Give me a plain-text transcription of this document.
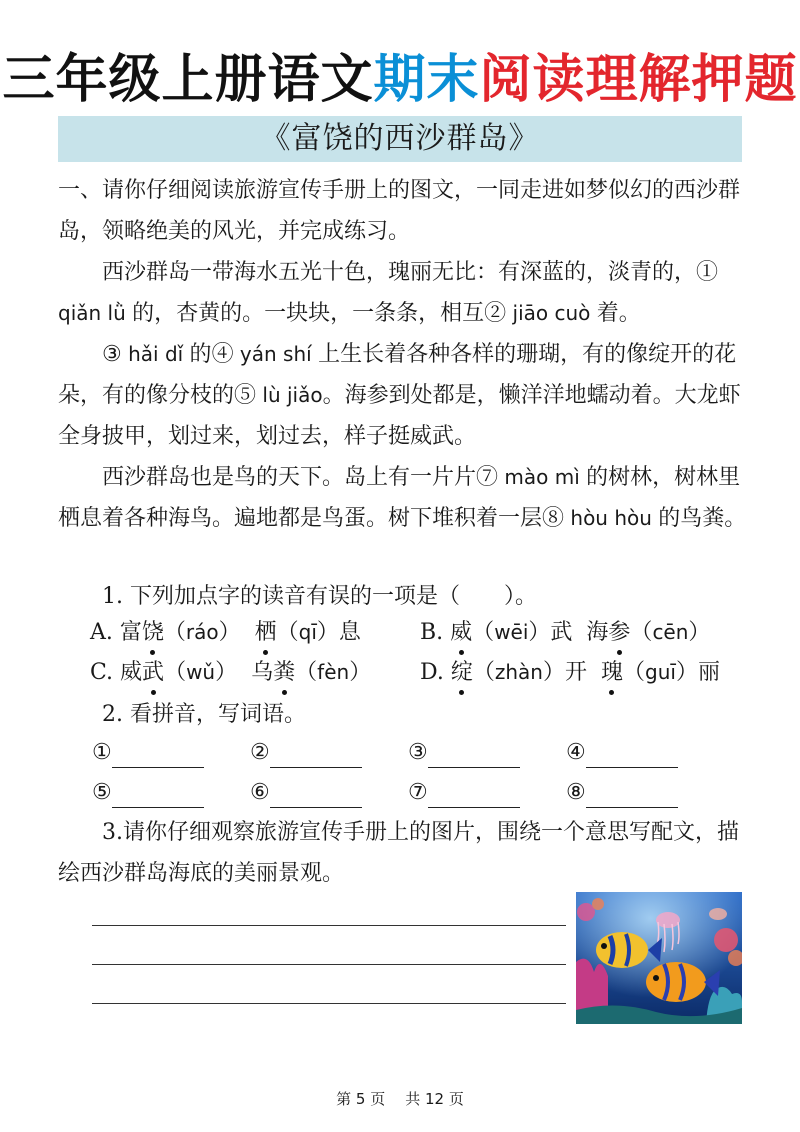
三年级上册语文期末阅读理解押题
《富饶的西沙群岛》

一、请你仔细阅读旅游宣传手册上的图文，一同走进如梦似幻的西沙群岛，领略绝美的风光，并完成练习。

西沙群岛一带海水五光十色，瑰丽无比：有深蓝的，淡青的，① qiǎn lǜ 的，杏黄的。一块块，一条条，相互② jiāo cuò 着。

③ hǎi dǐ 的④ yán shí 上生长着各种各样的珊瑚，有的像绽开的花朵，有的像分枝的⑤ lù jiǎo。海参到处都是，懒洋洋地蠕动着。大龙虾全身披甲，划过来，划过去，样子挺威武。

西沙群岛也是鸟的天下。岛上有一片片⑦ mào mì 的树林，树林里栖息着各种海鸟。遍地都是鸟蛋。树下堆积着一层⑧ hòu hòu 的鸟粪。

1. 下列加点字的读音有误的一项是（　　）。

A. 富饶（ráo）  栖（qī）息	B. 威（wēi）武  海参（cēn）
C. 威武（wǔ）  乌粪（fèn） D. 绽（zhàn）开  瑰（guī）丽

2. 看拼音，写词语。

①	②	③	④
⑤	⑥	⑦	⑧

3.请你仔细观察旅游宣传手册上的图片，围绕一个意思写配文，描绘西沙群岛海底的美丽景观。

第 5 页 共 12 页
